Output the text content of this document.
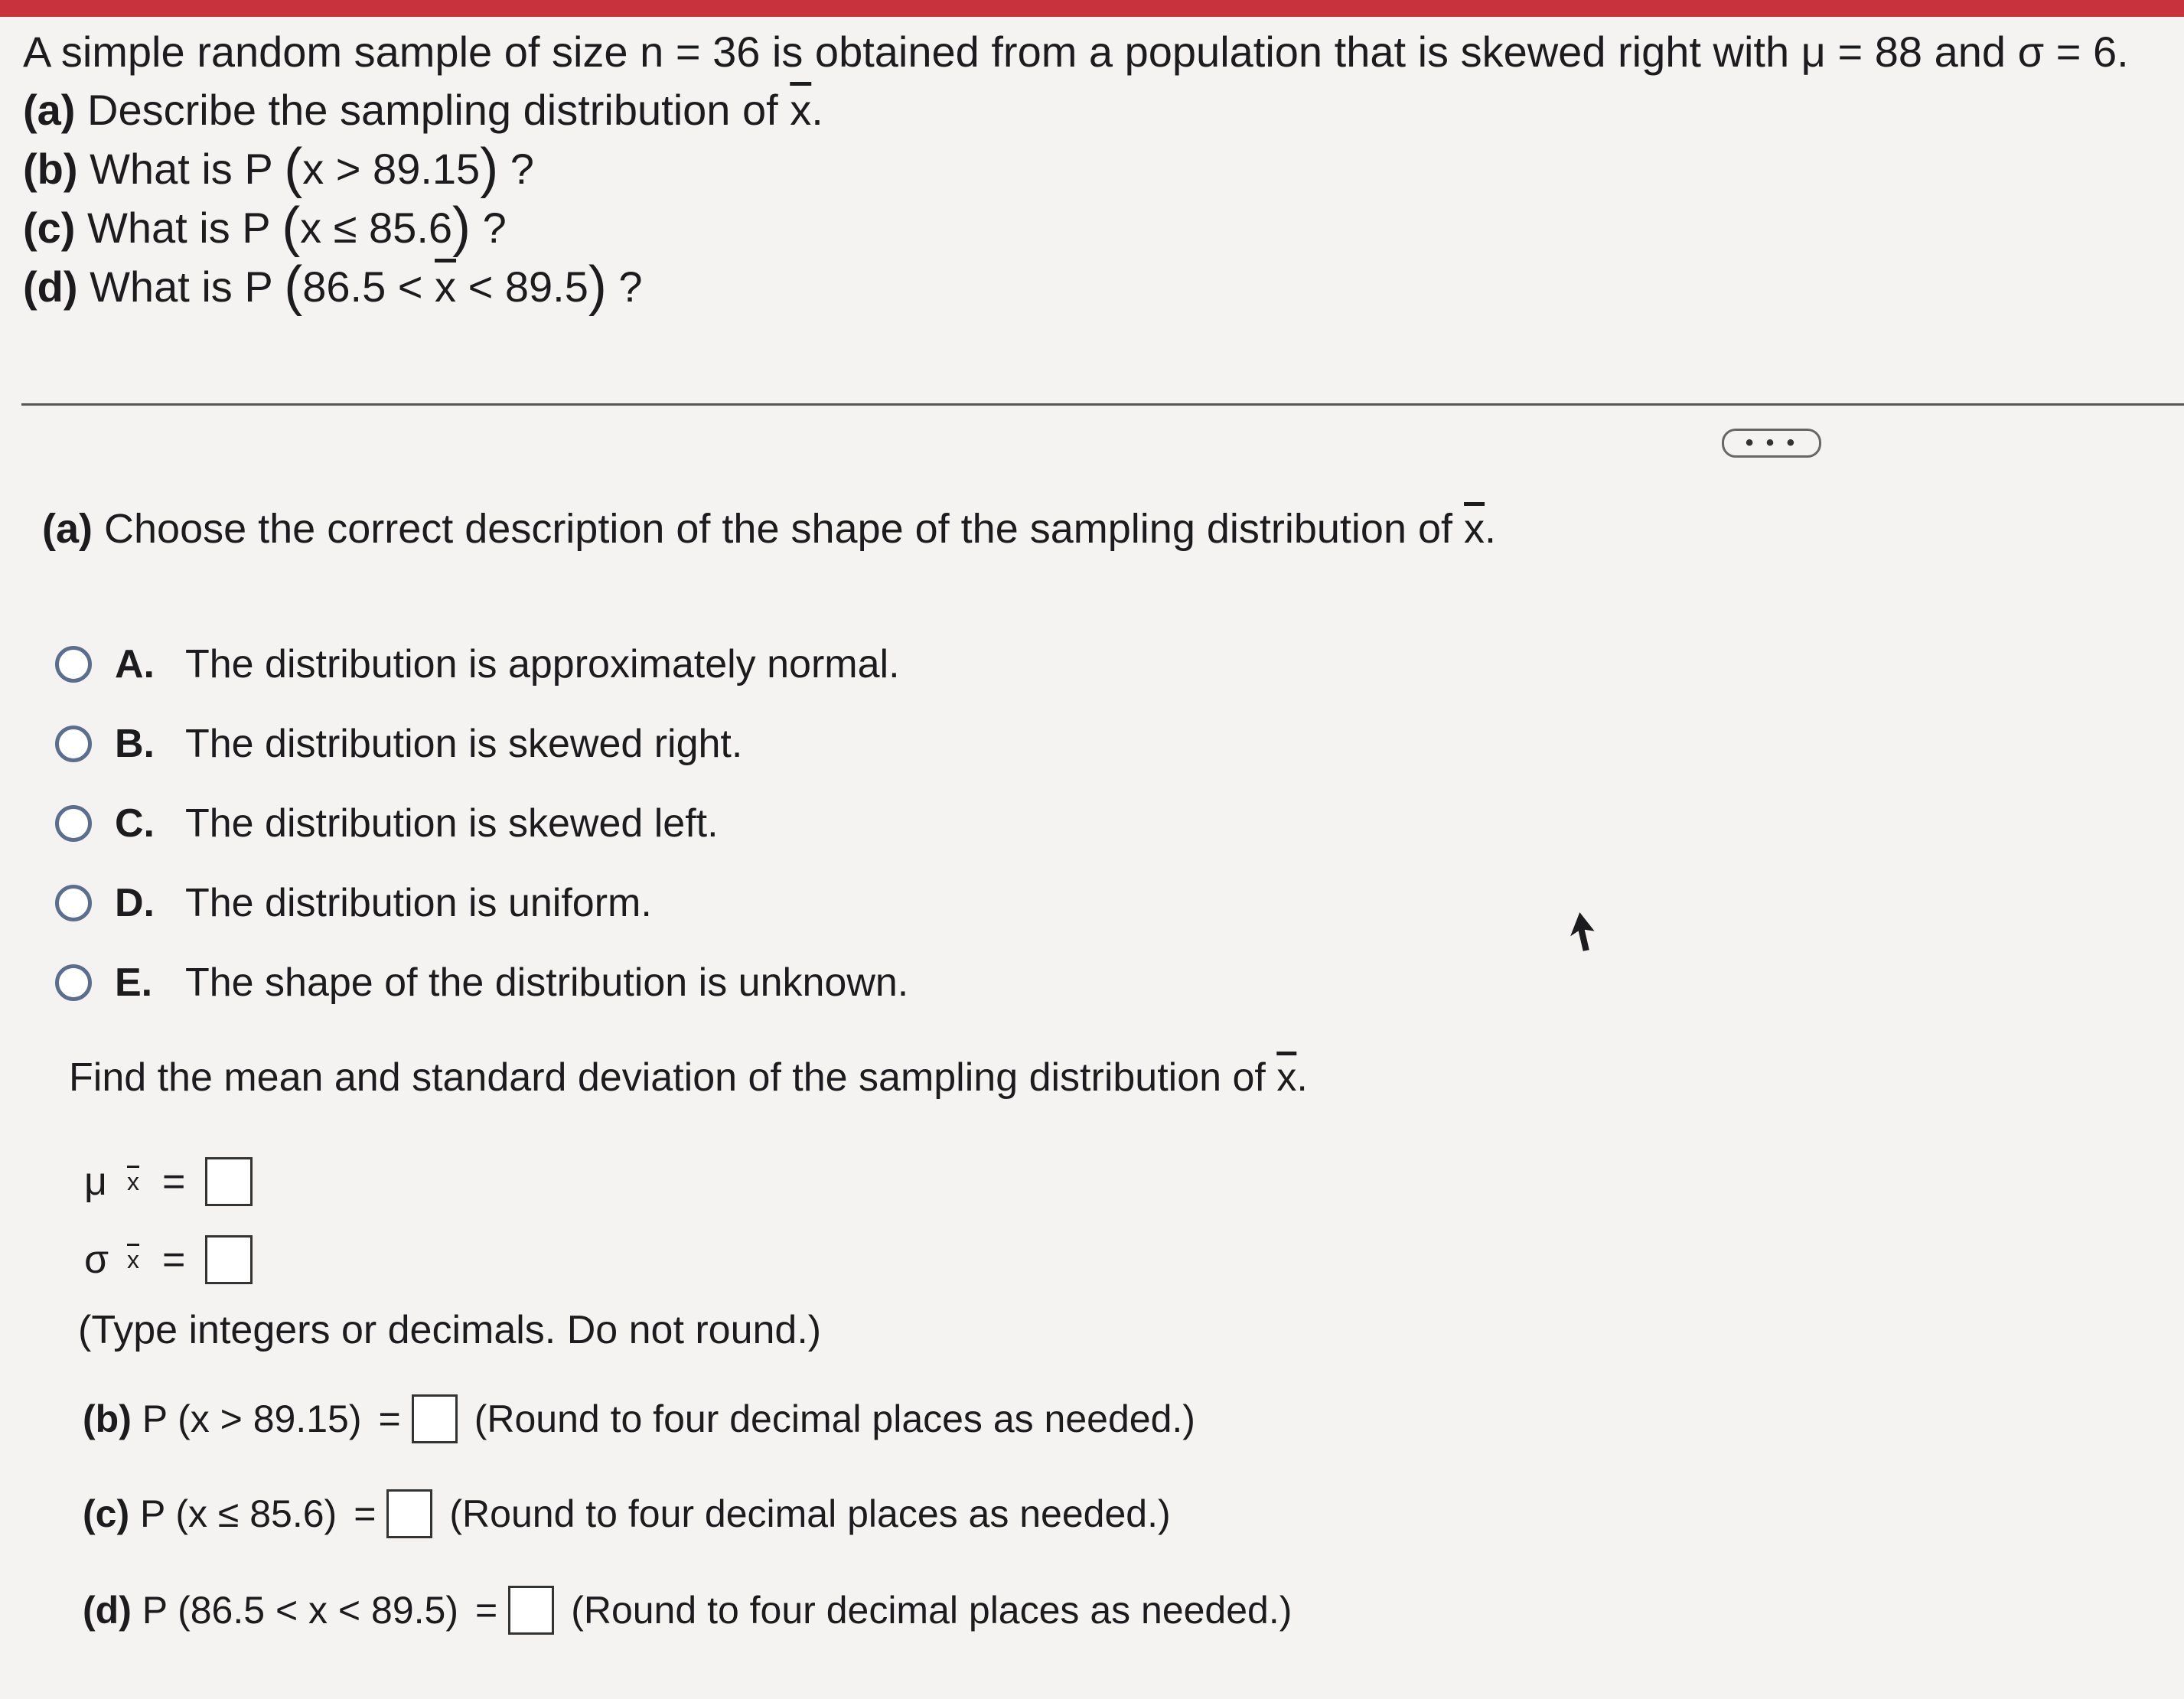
A simple random sample of size n = 36 is obtained from a population that is skewed right with μ = 88 and σ = 6.
(a) Describe the sampling distribution of $\overline{x}$.
(b) What is P (x > 89.15) ?
(c) What is P (x ≤ 85.6) ?
(d) What is P $(86.5 < \overline{x} < 89.5)$ ?
• • •
(a) Choose the correct description of the shape of the sampling distribution of $\overline{x}$.
A. The distribution is approximately normal.
B. The distribution is skewed right.
C. The distribution is skewed left.
D. The distribution is uniform.
E. The shape of the distribution is unknown.
Find the mean and standard deviation of the sampling distribution of $\overline{x}$.
μ $\overline{x}$ =
σ $\overline{x}$ =
(Type integers or decimals. Do not round.)
(b)
P (x > 89.15) = (Round to four decimal places as needed.)
(c)
P (x ≤ 85.6) = (Round to four decimal places as needed.)
(d)
P (86.5 < x < 89.5) = (Round to four decimal places as needed.)
